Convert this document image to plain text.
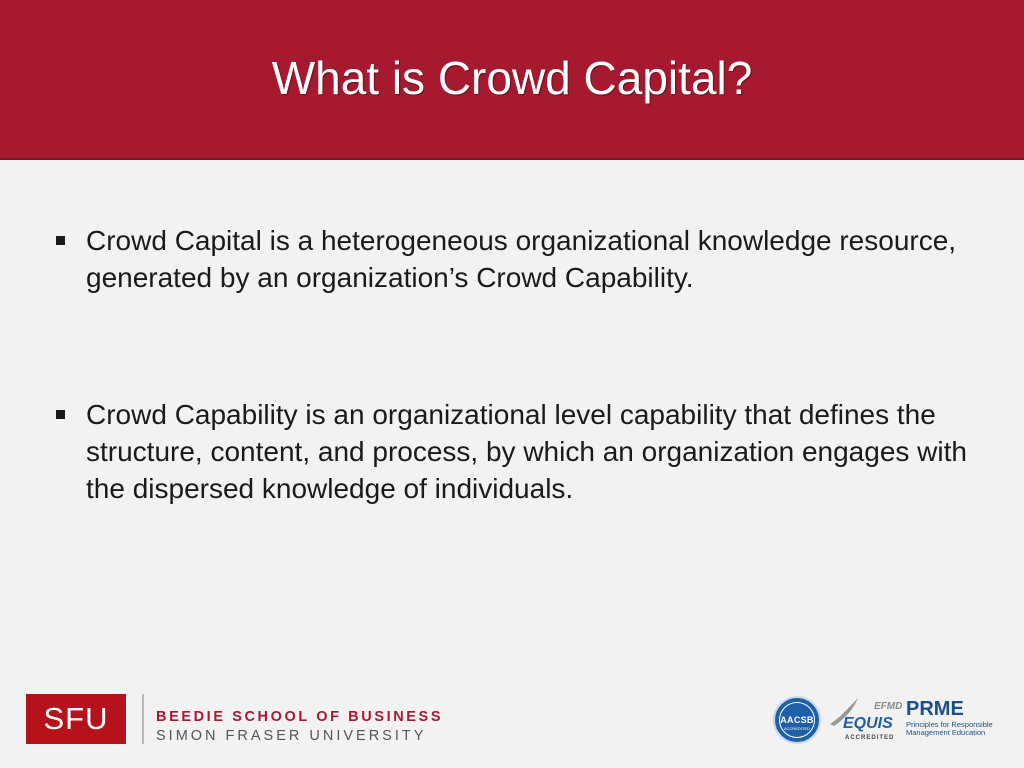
What is Crowd Capital?
Crowd Capital is a heterogeneous organizational knowledge resource, generated by an organization’s Crowd Capability.
Crowd Capability is an organizational level capability that defines the structure, content, and process, by which an organization engages with the dispersed knowledge of individuals.
SFU	BEEDIE SCHOOL OF BUSINESS
SIMON FRASER UNIVERSITY
AACSB
ACCREDITED
EFMD
EQUIS
ACCREDITED
PRME
Principles for Responsible Management Education
